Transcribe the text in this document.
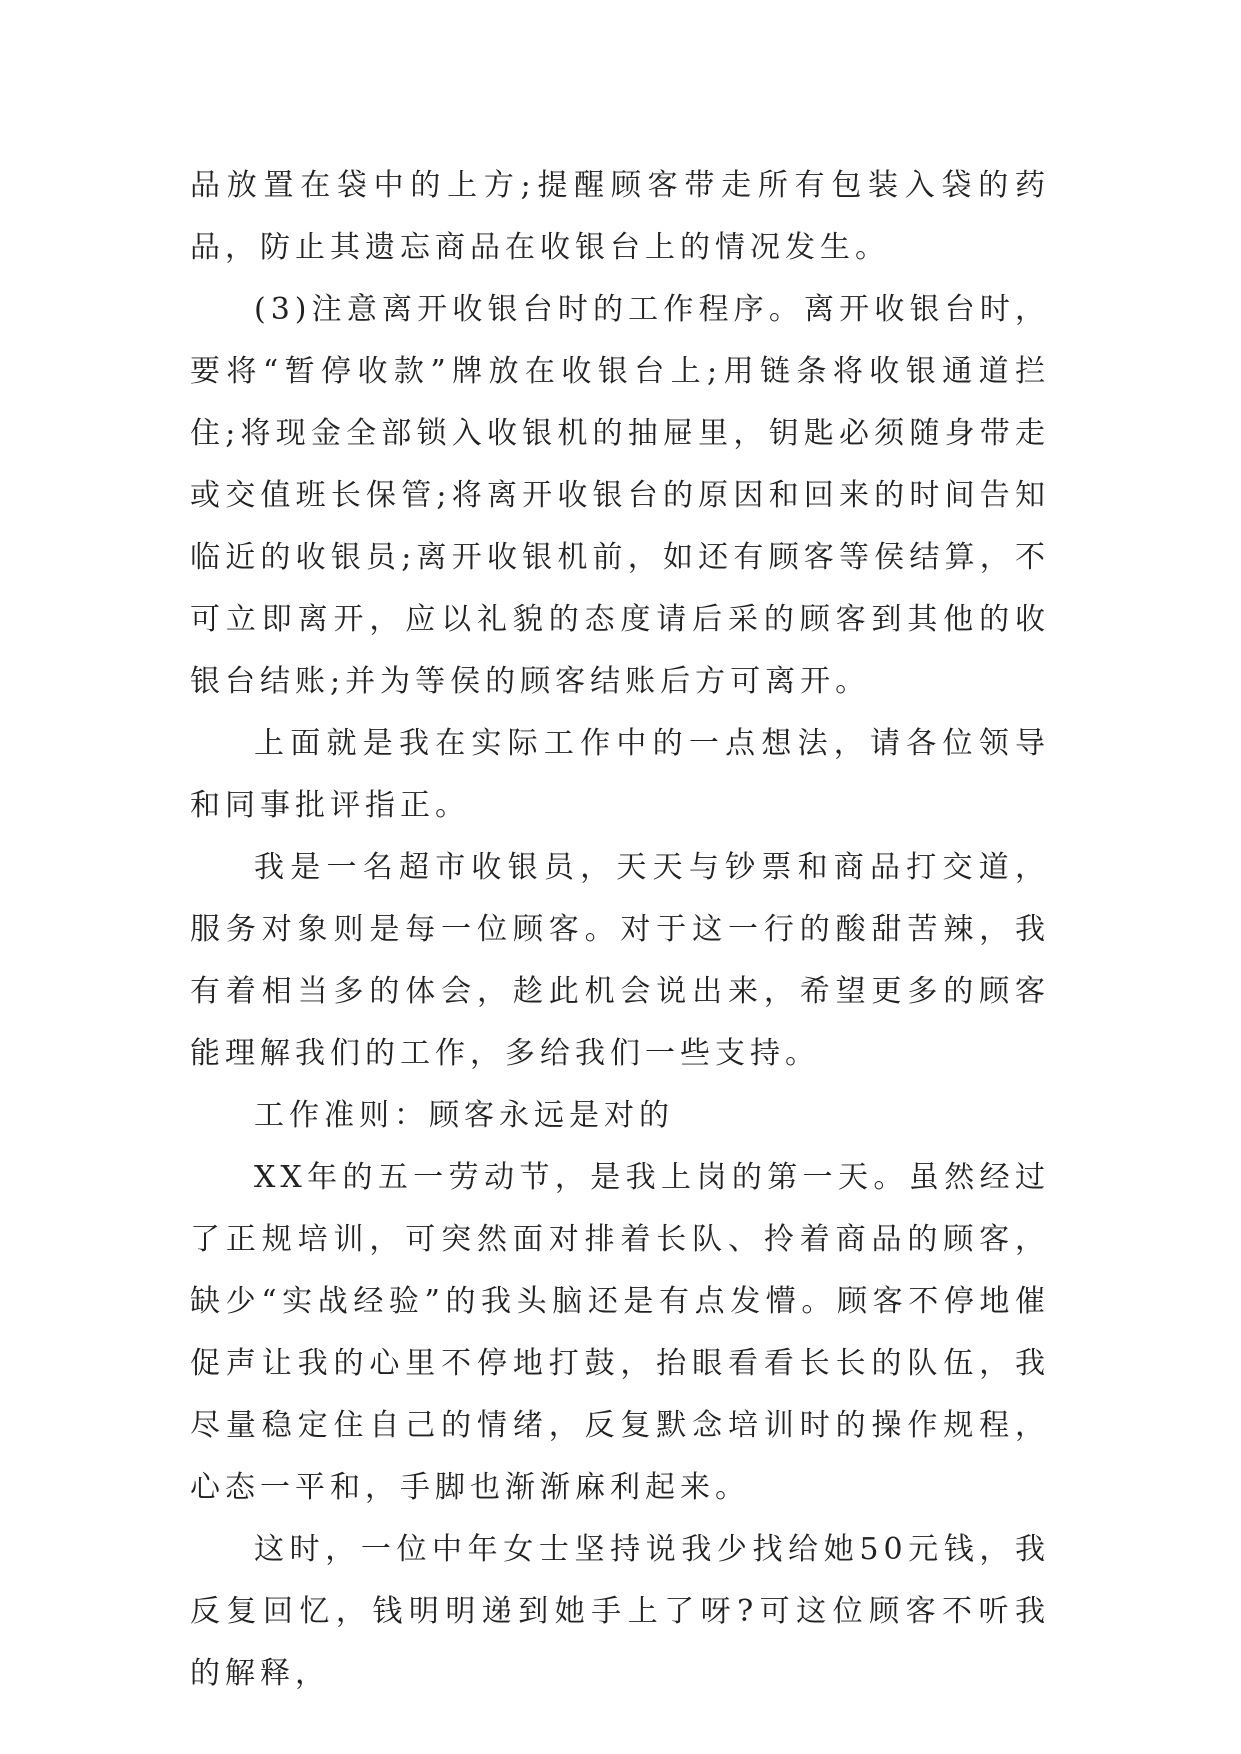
品放置在袋中的上方;提醒顾客带走所有包装入袋的药品，防止其遗忘商品在收银台上的情况发生。

(3)注意离开收银台时的工作程序。离开收银台时，要将“暂停收款”牌放在收银台上;用链条将收银通道拦住;将现金全部锁入收银机的抽屉里，钥匙必须随身带走或交值班长保管;将离开收银台的原因和回来的时间告知临近的收银员;离开收银机前，如还有顾客等侯结算，不可立即离开，应以礼貌的态度请后采的顾客到其他的收银台结账;并为等侯的顾客结账后方可离开。

上面就是我在实际工作中的一点想法，请各位领导和同事批评指正。

我是一名超市收银员，天天与钞票和商品打交道，服务对象则是每一位顾客。对于这一行的酸甜苦辣，我有着相当多的体会，趁此机会说出来，希望更多的顾客能理解我们的工作，多给我们一些支持。

工作准则：顾客永远是对的

XX年的五一劳动节，是我上岗的第一天。虽然经过了正规培训，可突然面对排着长队、拎着商品的顾客，缺少“实战经验”的我头脑还是有点发懵。顾客不停地催促声让我的心里不停地打鼓，抬眼看看长长的队伍，我尽量稳定住自己的情绪，反复默念培训时的操作规程，心态一平和，手脚也渐渐麻利起来。

这时，一位中年女士坚持说我少找给她50元钱，我反复回忆，钱明明递到她手上了呀?可这位顾客不听我的解释，
